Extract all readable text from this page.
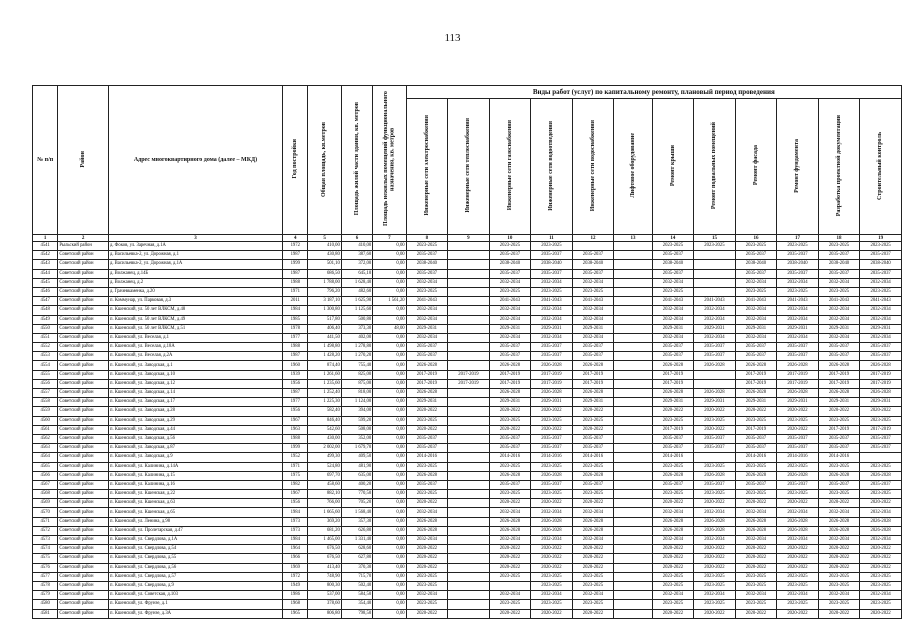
113
№ п/п	Район	Адрес многоквартирного дома (далее – МКД)	Год постройки	Общая площадь, кв.метров	Площадь жилой части здания, кв. метров	Площадь нежилых помещений функционального назначения, кв. метров	Виды работ (услуг) по капитальному ремонту, плановый период проведения											
							Инженерные сети электроснабжения	Инженерные сети теплоснабжения	Инженерные сети газоснабжения	Инженерные сети водоотведения	Инженерные сети водоснабжения	Лифтовое оборудование	Ремонт крыши	Ремонт подвальных помещений	Ремонт фасада	Ремонт фундамента	Разработка проектной документации	Строительный контроль
1	2	3	4	5	6	7	8	9	10	11	12	13	14	15	16	17	18	19
4541	Рыльский район	д. Фоков, ул. Заречная, д.1А	1972	410,00	410,00	0,00	2023-2025		2023-2025	2023-2025			2023-2025	2023-2025	2023-2025	2023-2025	2023-2025	2023-2025
4542	Советский район	д. Васильевка-2, ул. Дорожная, д.1	1987	430,80	387,60	0,00	2035-2037		2035-2037	2035-2037	2035-2037		2035-2037		2035-2037	2035-2037	2035-2037	2035-2037
4543	Советский район	д. Васильевка-2, ул. Дорожная, д.1А	1999	501,10	372,00	0,00	2038-2040		2038-2040	2038-2040	2038-2040		2038-2040		2038-2040	2038-2040	2038-2040	2038-2040
4544	Советский район	д. Волжанец, д.14Б	1987	686,50	645,10	0,00	2035-2037		2035-2037	2035-2037	2035-2037		2035-2037		2035-2037	2035-2037	2035-2037	2035-2037
4545	Советский район	д. Волжанец, д.2	1988	1 788,00	1 628,40	0,00	2032-2034		2032-2034	2032-2034	2032-2034		2032-2034		2032-2034	2032-2034	2032-2034	2032-2034
4546	Советский район	д. Грачевкаменка, д.20	1971	796,20	482,60	0,00	2023-2025		2023-2025	2023-2025	2023-2025		2023-2025		2023-2025	2023-2025	2023-2025	2023-2025
4547	Советский район	п. Коммунар, ул. Парковая, д.3	2011	3 187,10	1 625,90	1 561,20	2041-2043		2041-2043	2041-2043	2041-2043		2041-2043	2041-2043	2041-2043	2041-2043	2041-2043	2041-2043
4548	Советский район	п. Кшенский, ул. 50 лет ВЛКСМ, д.48	1984	1 300,80	1 125,60	0,00	2032-2034		2032-2034	2032-2034	2032-2034		2032-2034	2032-2034	2032-2034	2032-2034	2032-2034	2032-2034
4549	Советский район	п. Кшенский, ул. 50 лет ВЛКСМ, д.49	1985	517,80	500,80	0,00	2032-2034		2032-2034	2032-2034	2032-2034		2032-2034	2032-2034	2032-2034	2032-2034	2032-2034	2032-2034
4550	Советский район	п. Кшенский, ул. 50 лет ВЛКСМ, д.51	1978	406,40	373,30	48,00	2029-2031		2029-2031	2029-2031	2029-2031		2029-2031	2029-2031	2029-2031	2029-2031	2029-2031	2029-2031
4551	Советский район	п. Кшенский, ул. Веселая, д.1	1977	441,50	402,00	0,00	2032-2034		2032-2034	2032-2034	2032-2034		2032-2034	2032-2034	2032-2034	2032-2034	2032-2034	2032-2034
4552	Советский район	п. Кшенский, ул. Веселая, д.18А	1988	1 498,80	1 278,80	0,00	2035-2037		2035-2037	2035-2037	2035-2037		2035-2037	2035-2037	2035-2037	2035-2037	2035-2037	2035-2037
4553	Советский район	п. Кшенский, ул. Веселая, д.2А	1987	1 428,20	1 270,20	0,00	2035-2037		2035-2037	2035-2037	2035-2037		2035-2037	2035-2037	2035-2037	2035-2037	2035-2037	2035-2037
4554	Советский район	п. Кшенский, ул. Заводская, д.1	1960	874,40	755,40	0,00	2026-2028		2026-2028	2026-2028	2026-2028		2026-2028	2026-2028	2026-2028	2026-2028	2026-2028	2026-2028
4555	Советский район	п. Кшенский, ул. Заводская, д.10	1939	1 261,60	825,00	0,00	2017-2019	2017-2019	2017-2019	2017-2019	2017-2019		2017-2019		2017-2019	2017-2019	2017-2019	2017-2019
4556	Советский район	п. Кшенский, ул. Заводская, д.12	1956	1 235,60	875,00	0,00	2017-2019	2017-2019	2017-2019	2017-2019	2017-2019		2017-2019		2017-2019	2017-2019	2017-2019	2017-2019
4557	Советский район	п. Кшенский, ул. Заводская, д.14	1987	1 252,40	818,00	0,00	2026-2028		2026-2028	2026-2028	2026-2028		2026-2028	2026-2028	2026-2028	2026-2028	2026-2028	2026-2028
4558	Советский район	п. Кшенский, ул. Заводская, д.17	1977	1 225,30	1 124,00	0,00	2029-2031		2029-2031	2029-2031	2029-2031		2029-2031	2029-2031	2029-2031	2029-2031	2029-2031	2029-2031
4559	Советский район	п. Кшенский, ул. Заводская, д.28	1956	582,40	394,00	0,00	2020-2022		2020-2022	2020-2022	2020-2022		2020-2022	2020-2022	2020-2022	2020-2022	2020-2022	2020-2022
4560	Советский район	п. Кшенский, ул. Заводская, д.29	1967	846,40	599,20	0,00	2023-2025		2023-2025	2023-2025	2023-2025		2023-2025	2023-2025	2023-2025	2023-2025	2023-2025	2023-2025
4561	Советский район	п. Кшенский, ул. Заводская, д.44	1963	542,60	508,00	0,00	2020-2022		2020-2022	2020-2022	2020-2022		2017-2019	2020-2022	2017-2019	2020-2022	2017-2019	2017-2019
4562	Советский район	п. Кшенский, ул. Заводская, д.56	1988	430,00	352,00	0,00	2035-2037		2035-2037	2035-2037	2035-2037		2035-2037	2035-2037	2035-2037	2035-2037	2035-2037	2035-2037
4563	Советский район	п. Кшенский, ул. Заводская, д.87	1999	2 002,00	1 679,70	0,00	2035-2037		2035-2037	2035-2037	2035-2037		2035-2037	2035-2037	2035-2037	2035-2037	2035-2037	2035-2037
4564	Советский район	п. Кшенский, ул. Заводская, д.9	1952	499,30	409,50	0,00	2014-2016		2014-2016	2014-2016	2014-2016		2014-2016		2014-2016	2014-2016	2014-2016	
4565	Советский район	п. Кшенский, ул. Калинина, д.14А	1971	524,80	481,90	0,00	2023-2025		2023-2025	2023-2025	2023-2025		2023-2025	2023-2025	2023-2025	2023-2025	2023-2025	2023-2025
4566	Советский район	п. Кшенский, ул. Калинина, д.15	1975	697,70	635,00	0,00	2026-2028		2026-2028	2026-2028	2026-2028		2026-2028	2026-2028	2026-2028	2026-2028	2026-2028	2026-2028
4567	Советский район	п. Кшенский, ул. Калинина, д.16	1982	458,60	400,20	0,00	2035-2037		2035-2037	2035-2037	2035-2037		2035-2037	2035-2037	2035-2037	2035-2037	2035-2037	2035-2037
4568	Советский район	п. Кшенский, ул. Кшенская, д.22	1967	882,10	770,50	0,00	2023-2025		2023-2025	2023-2025	2023-2025		2023-2025	2023-2025	2023-2025	2023-2025	2023-2025	2023-2025
4569	Советский район	п. Кшенский, ул. Кшенская, д.63	1956	766,00	705,20	0,00	2020-2022		2020-2022	2020-2022	2020-2022		2020-2022	2020-2022	2020-2022	2020-2022	2020-2022	2020-2022
4570	Советский район	п. Кшенский, ул. Кшенская, д.65	1984	1 665,60	1 568,40	0,00	2032-2034		2032-2034	2032-2034	2032-2034		2032-2034	2032-2034	2032-2034	2032-2034	2032-2034	2032-2034
4571	Советский район	п. Кшенский, ул. Ленина, д.98	1973	369,20	357,30	0,00	2026-2028		2026-2028	2026-2028	2026-2028		2026-2028	2026-2028	2026-2028	2026-2028	2026-2028	2026-2028
4572	Советский район	п. Кшенский, ул. Пролетарская, д.47	1973	681,20	626,80	0,00	2026-2028		2026-2028	2026-2028	2026-2028		2026-2028	2026-2028	2026-2028	2026-2028	2026-2028	2026-2028
4573	Советский район	п. Кшенский, ул. Свердлова, д.1А	1984	1 465,00	1 331,40	0,00	2032-2034		2032-2034	2032-2034	2032-2034		2032-2034	2032-2034	2032-2034	2032-2034	2032-2034	2032-2034
4574	Советский район	п. Кшенский, ул. Свердлова, д.54	1964	676,50	628,60	0,00	2020-2022		2020-2022	2020-2022	2020-2022		2020-2022	2020-2022	2020-2022	2020-2022	2020-2022	2020-2022
4575	Советский район	п. Кшенский, ул. Свердлова, д.55	1966	676,50	627,80	0,00	2020-2022		2020-2022	2020-2022	2020-2022		2020-2022	2020-2022	2020-2022	2020-2022	2020-2022	2020-2022
4576	Советский район	п. Кшенский, ул. Свердлова, д.56	1969	413,40	370,30	0,00	2020-2022		2020-2022	2020-2022	2020-2022		2020-2022	2020-2022	2020-2022	2020-2022	2020-2022	2020-2022
4577	Советский район	п. Кшенский, ул. Свердлова, д.57	1972	748,90	715,70	0,00	2023-2025		2023-2025	2023-2025	2023-2025		2023-2025	2023-2025	2023-2025	2023-2025	2023-2025	2023-2025
4578	Советский район	п. Кшенский, ул. Свердлова, д.9	1949	800,30	502,40	0,00	2023-2025			2023-2025	2023-2025		2023-2025	2023-2025	2023-2025	2023-2025	2023-2025	2023-2025
4579	Советский район	п. Кшенский, ул. Советская, д.103	1986	537,00	584,50	0,00	2032-2034		2032-2034	2032-2034	2032-2034		2032-2034	2032-2034	2032-2034	2032-2034	2032-2034	2032-2034
4580	Советский район	п. Кшенский, ул. Фрунзе, д.1	1968	378,60	354,40	0,00	2023-2025		2023-2025	2023-2025	2023-2025		2023-2025	2023-2025	2023-2025	2023-2025	2023-2025	2023-2025
4581	Советский район	п. Кшенский, ул. Фрунзе, д.3А	1965	806,80	798,50	0,00	2020-2022		2020-2022	2020-2022	2020-2022		2020-2022	2020-2022	2020-2022	2020-2022	2020-2022	2020-2022
